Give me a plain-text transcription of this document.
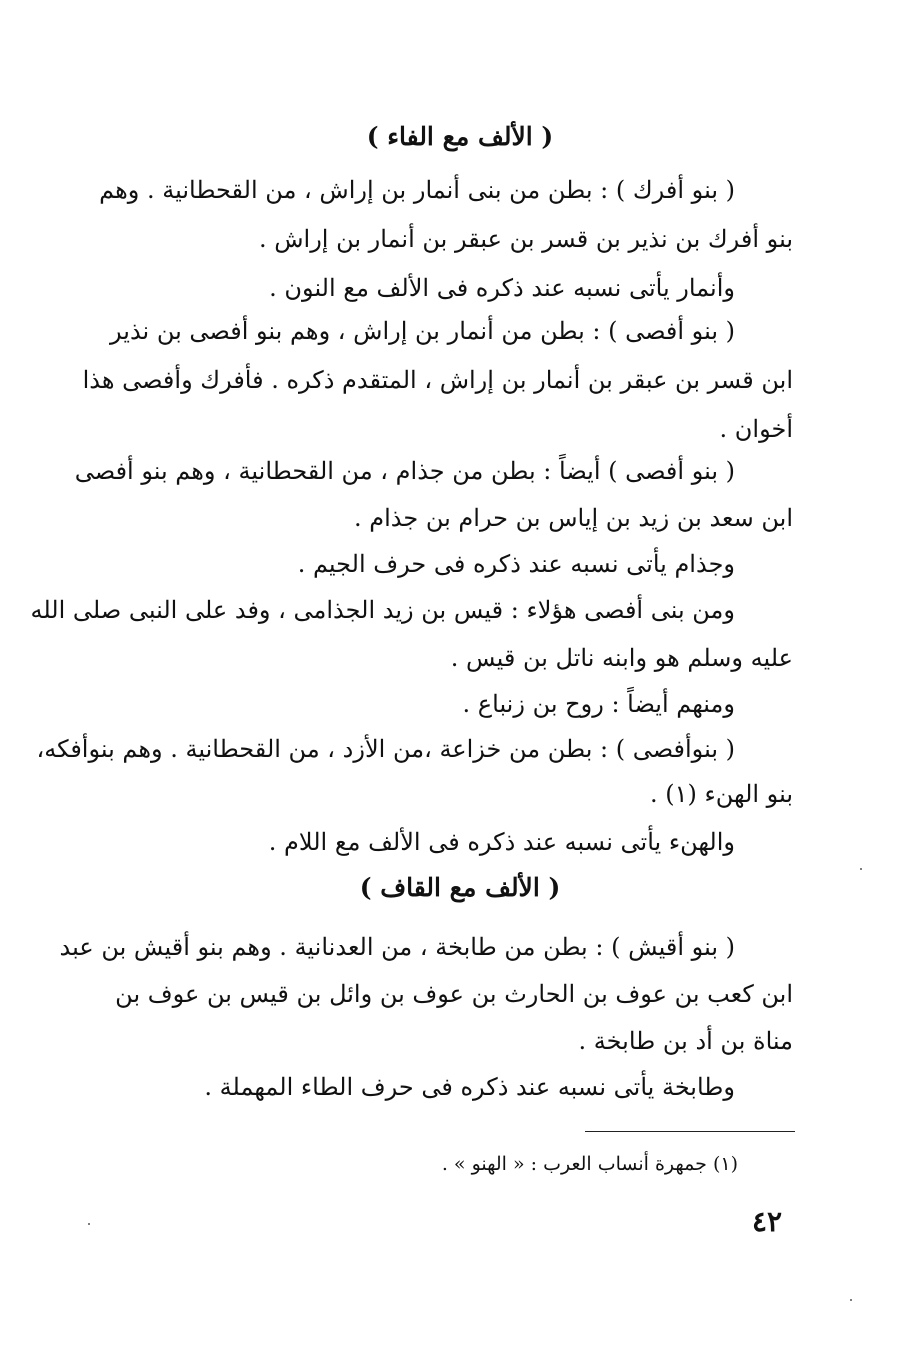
( الألف مع الفاء )
( بنو أفرك ) : بطن من بنى أنمار بن إراش ، من القحطانية . وهم
بنو أفرك بن نذير بن قسر بن عبقر بن أنمار بن إراش .
وأنمار يأتى نسبه عند ذكره فى الألف مع النون .
( بنو أفصى ) : بطن من أنمار بن إراش ، وهم بنو أفصى بن نذير
ابن قسر بن عبقر بن أنمار بن إراش ، المتقدم ذكره . فأفرك وأفصى هذا
أخوان .
( بنو أفصى ) أيضاً : بطن من جذام ، من القحطانية ، وهم بنو أفصى
ابن سعد بن زيد بن إياس بن حرام بن جذام .
وجذام يأتى نسبه عند ذكره فى حرف الجيم .
ومن بنى أفصى هؤلاء : قيس بن زيد الجذامى ، وفد على النبى صلى الله
عليه وسلم هو وابنه ناتل بن قيس .
ومنهم أيضاً : روح بن زنباع .
( بنوأفصى ) : بطن من خزاعة ،من الأزد ، من القحطانية . وهم بنوأفكه،
بنو الهنء (١) .
والهنء يأتى نسبه عند ذكره فى الألف مع اللام .
( الألف مع القاف )
( بنو أقيش ) : بطن من طابخة ، من العدنانية . وهم بنو أقيش بن عبد
ابن كعب بن عوف بن الحارث بن عوف بن وائل بن قيس بن عوف بن
مناة بن أد بن طابخة .
وطابخة يأتى نسبه عند ذكره فى حرف الطاء المهملة .
(١) جمهرة أنساب العرب : « الهنو » .
٤٢
